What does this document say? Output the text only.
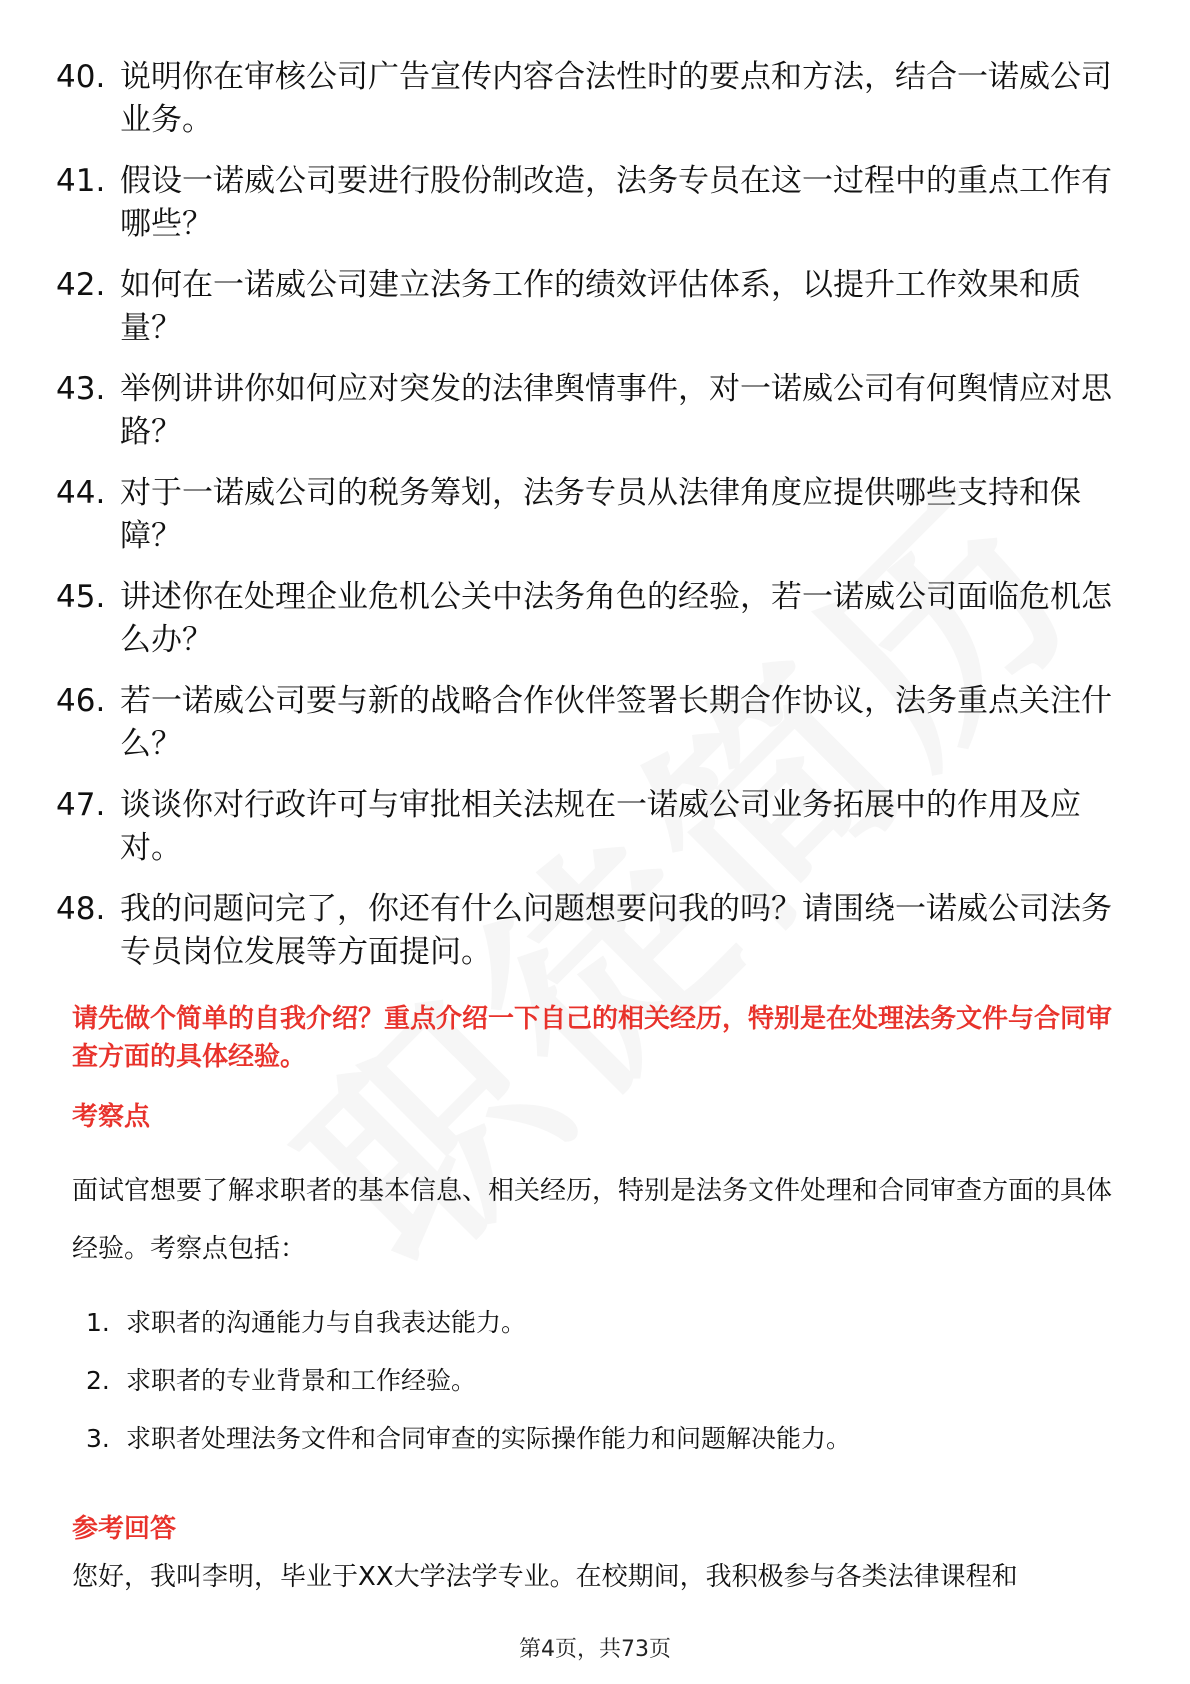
40. 说明你在审核公司广告宣传内容合法性时的要点和方法，结合一诺威公司业务。
41. 假设一诺威公司要进行股份制改造，法务专员在这一过程中的重点工作有哪些？
42. 如何在一诺威公司建立法务工作的绩效评估体系，以提升工作效果和质量？
43. 举例讲讲你如何应对突发的法律舆情事件，对一诺威公司有何舆情应对思路？
44. 对于一诺威公司的税务筹划，法务专员从法律角度应提供哪些支持和保障？
45. 讲述你在处理企业危机公关中法务角色的经验，若一诺威公司面临危机怎么办？
46. 若一诺威公司要与新的战略合作伙伴签署长期合作协议，法务重点关注什么？
47. 谈谈你对行政许可与审批相关法规在一诺威公司业务拓展中的作用及应对。
48. 我的问题问完了，你还有什么问题想要问我的吗？请围绕一诺威公司法务专员岗位发展等方面提问。
请先做个简单的自我介绍？重点介绍一下自己的相关经历，特别是在处理法务文件与合同审查方面的具体经验。
考察点
面试官想要了解求职者的基本信息、相关经历，特别是法务文件处理和合同审查方面的具体经验。考察点包括：
1. 求职者的沟通能力与自我表达能力。
2. 求职者的专业背景和工作经验。
3. 求职者处理法务文件和合同审查的实际操作能力和问题解决能力。
参考回答
您好，我叫李明，毕业于XX大学法学专业。在校期间，我积极参与各类法律课程和
第4页，共73页
